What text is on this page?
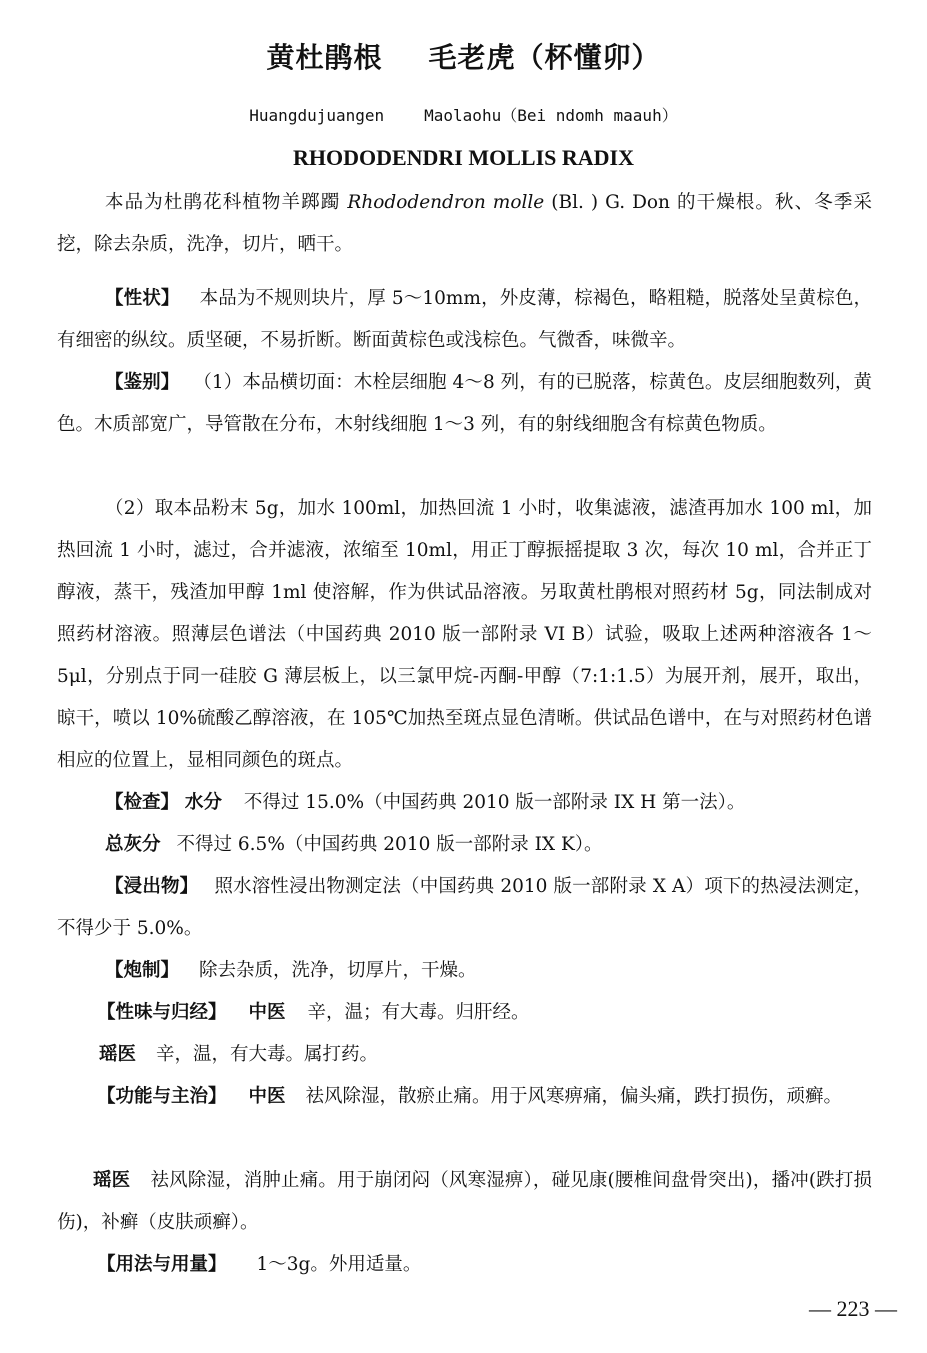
黄杜鹃根 毛老虎（杯懂卯）
Huangdujuangen	Maolaohu（Bei ndomh maauh）
RHODODENDRI MOLLIS RADIX
本品为杜鹃花科植物羊踯躅 Rhododendron molle (Bl. ) G. Don 的干燥根。秋、冬季采挖，除去杂质，洗净，切片，晒干。
【性状】 本品为不规则块片，厚 5～10mm，外皮薄，棕褐色，略粗糙，脱落处呈黄棕色，有细密的纵纹。质坚硬，不易折断。断面黄棕色或浅棕色。气微香，味微辛。
【鉴别】 （1）本品横切面：木栓层细胞 4～8 列，有的已脱落，棕黄色。皮层细胞数列，黄色。木质部宽广，导管散在分布，木射线细胞 1～3 列，有的射线细胞含有棕黄色物质。
（2）取本品粉末 5g，加水 100ml，加热回流 1 小时，收集滤液，滤渣再加水 100 ml，加热回流 1 小时，滤过，合并滤液，浓缩至 10ml，用正丁醇振摇提取 3 次，每次 10 ml，合并正丁醇液，蒸干，残渣加甲醇 1ml 使溶解，作为供试品溶液。另取黄杜鹃根对照药材 5g，同法制成对照药材溶液。照薄层色谱法（中国药典 2010 版一部附录 VI B）试验，吸取上述两种溶液各 1～5μl，分别点于同一硅胶 G 薄层板上，以三氯甲烷-丙酮-甲醇（7:1:1.5）为展开剂，展开，取出，晾干，喷以 10%硫酸乙醇溶液，在 105℃加热至斑点显色清晰。供试品色谱中，在与对照药材色谱相应的位置上，显相同颜色的斑点。
【检查】 水分 不得过 15.0%（中国药典 2010 版一部附录 IX H 第一法）。
总灰分 不得过 6.5%（中国药典 2010 版一部附录 IX K）。
【浸出物】 照水溶性浸出物测定法（中国药典 2010 版一部附录 X A）项下的热浸法测定，不得少于 5.0%。
【炮制】 除去杂质，洗净，切厚片，干燥。
【性味与归经】 中医 辛，温；有大毒。归肝经。
瑶医 辛，温，有大毒。属打药。
【功能与主治】 中医 祛风除湿，散瘀止痛。用于风寒痹痛，偏头痛，跌打损伤，顽癣。
瑶医 祛风除湿，消肿止痛。用于崩闭闷（风寒湿痹），碰见康(腰椎间盘骨突出)，播冲(跌打损伤)，补癣（皮肤顽癣）。
【用法与用量】 1～3g。外用适量。
— 223 —
